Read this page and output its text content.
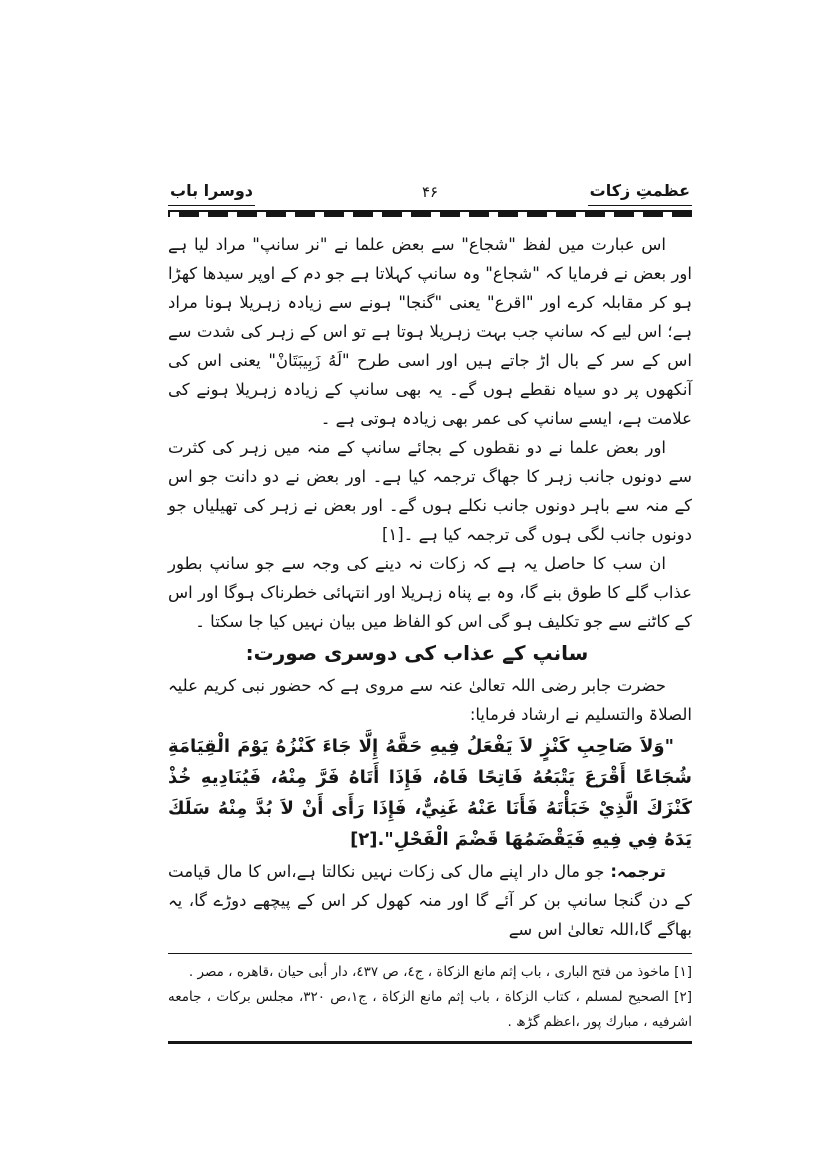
عظمتِ زکات
۴۶
دوسرا باب

اس عبارت میں لفظ "شجاع" سے بعض علما نے "نر سانپ" مراد لیا ہے اور بعض نے فرمایا کہ "شجاع" وہ سانپ کہلاتا ہے جو دم کے اوپر سیدھا کھڑا ہو کر مقابلہ کرے اور "اقرع" یعنی "گنجا" ہونے سے زیادہ زہریلا ہونا مراد ہے؛ اس لیے کہ سانپ جب بہت زہریلا ہوتا ہے تو اس کے زہر کی شدت سے اس کے سر کے بال اڑ جاتے ہیں اور اسی طرح "لَهُ زَبِيبَتَانْ" یعنی اس کی آنکھوں پر دو سیاہ نقطے ہوں گے۔ یہ بھی سانپ کے زیادہ زہریلا ہونے کی علامت ہے، ایسے سانپ کی عمر بھی زیادہ ہوتی ہے ۔

اور بعض علما نے دو نقطوں کے بجائے سانپ کے منہ میں زہر کی کثرت سے دونوں جانب زہر کا جھاگ ترجمہ کیا ہے۔ اور بعض نے دو دانت جو اس کے منہ سے باہر دونوں جانب نکلے ہوں گے۔ اور بعض نے زہر کی تھیلیاں جو دونوں جانب لگی ہوں گی ترجمہ کیا ہے ۔[۱]

ان سب کا حاصل یہ ہے کہ زکات نہ دینے کی وجہ سے جو سانپ بطور عذاب گلے کا طوق بنے گا، وہ بے پناہ زہریلا اور انتہائی خطرناک ہوگا اور اس کے کاٹنے سے جو تکلیف ہو گی اس کو الفاظ میں بیان نہیں کیا جا سکتا ۔

سانپ کے عذاب کی دوسری صورت:

حضرت جابر رضی اللہ تعالیٰ عنہ سے مروی ہے کہ حضور نبی کریم علیہ الصلاۃ والتسلیم نے ارشاد فرمایا:

"وَلاَ صَاحِبِ كَنْزٍ لاَ يَفْعَلُ فِيهِ حَقَّهُ إِلَّا جَاءَ كَنْزُهُ يَوْمَ الْقِيَامَةِ شُجَاعًا أَقْرَعَ يَتْبَعُهُ فَاتِحًا فَاهُ، فَإِذَا أَتَاهُ فَرَّ مِنْهُ، فَيُنَادِيهِ خُذْ كَنْزَكَ الَّذِيْ خَبَأْتَهُ فَأَنَا عَنْهُ غَنِيٌّ، فَإِذَا رَأَى أَنْ لاَ بُدَّ مِنْهُ سَلَكَ يَدَهُ فِي فِيهِ فَيَقْضَمُهَا قَضْمَ الْفَحْلِ".[۲]

ترجمہ:جو مال دار اپنے مال کی زکات نہیں نکالتا ہے،اس کا مال قیامت کے دن گنجا سانپ بن کر آئے گا اور منہ کھول کر اس کے پیچھے دوڑے گا، یہ بھاگے گا،اللہ تعالیٰ اس سے

[۱] ماخوذ من فتح الباری ، باب إثم مانع الزکاة ، ج٤، ص ٤٣٧، دار أبی حیان ،قاهره ، مصر .

[۲] الصحیح لمسلم ، کتاب الزکاة ، باب إثم مانع الزکاة ، ج١،ص ٣٢٠، مجلس برکات ، جامعه اشرفیه ، مبارك پور ،اعظم گڑھ .
